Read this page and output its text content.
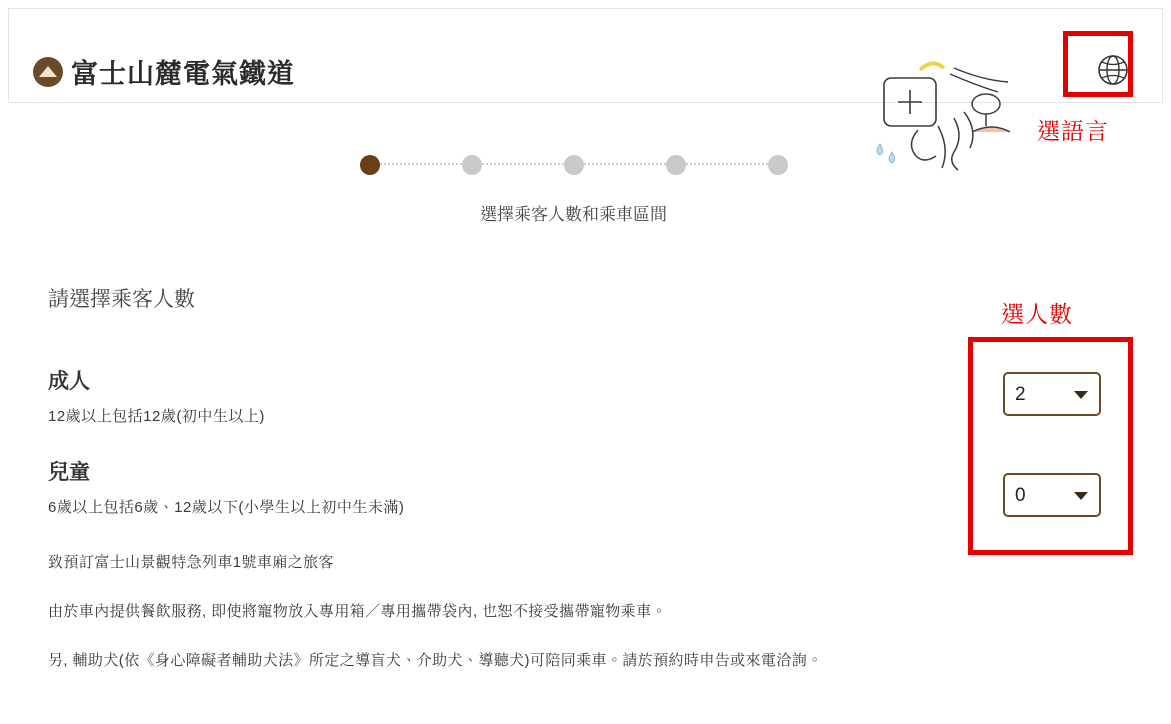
富士山麓電氣鐵道
選語言
選人數
選擇乘客人數和乘車區間
請選擇乘客人數

成人

12歲以上包括12歲(初中生以上)

兒童

6歲以上包括6歲、12歲以下(小學生以上初中生未滿)

致預訂富士山景觀特急列車1號車廂之旅客

由於車內提供餐飲服務, 即使將寵物放入專用箱／專用攜帶袋內, 也恕不接受攜帶寵物乘車。

另, 輔助犬(依《身心障礙者輔助犬法》所定之導盲犬、介助犬、導聽犬)可陪同乘車。請於預約時申告或來電洽詢。

2
0
